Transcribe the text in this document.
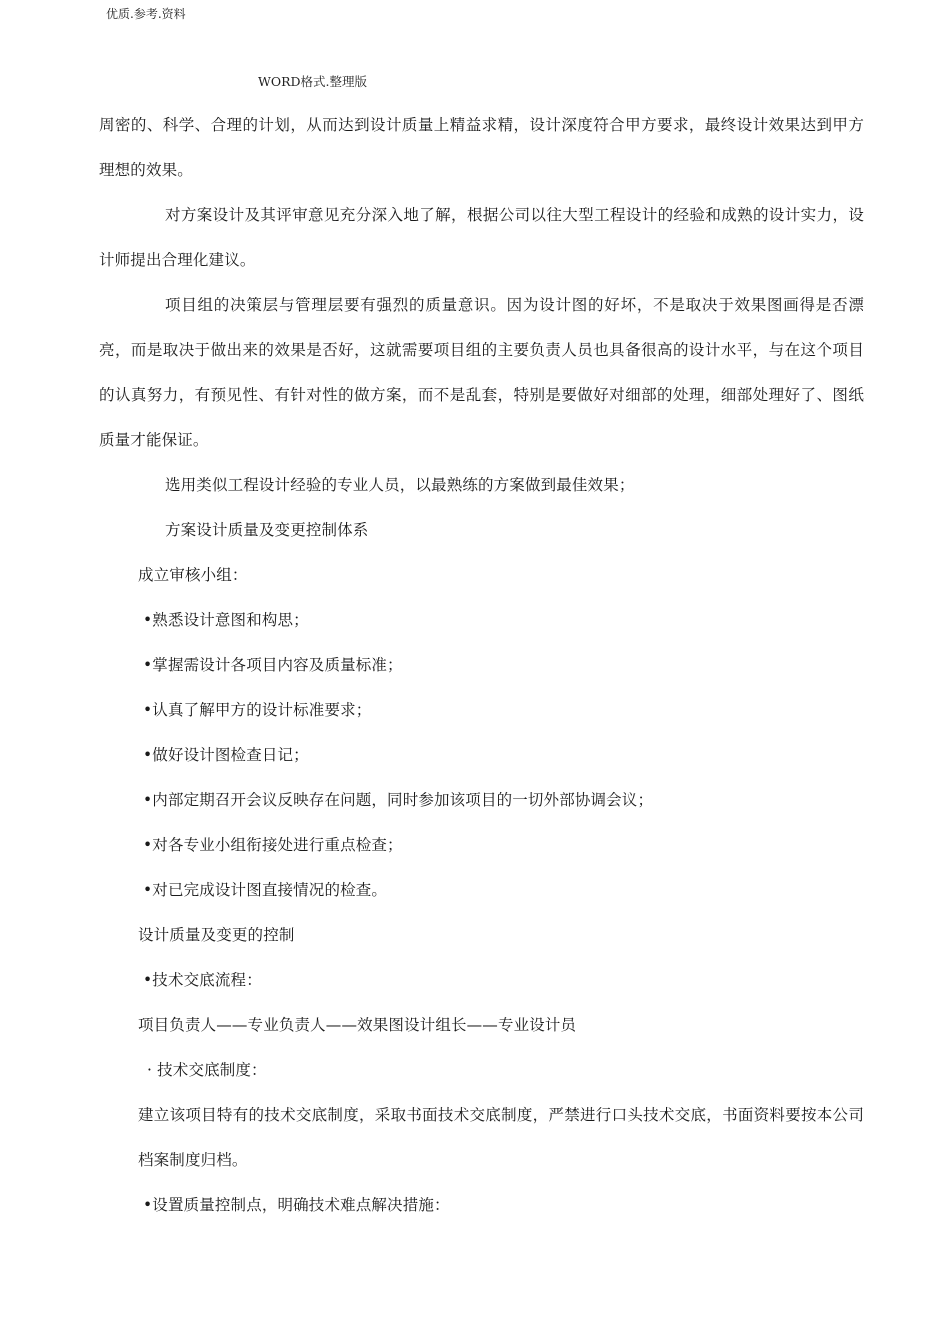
优质.参考.资料
WORD格式.整理版

周密的、科学、合理的计划，从而达到设计质量上精益求精，设计深度符合甲方要求，最终设计效果达到甲方理想的效果。

对方案设计及其评审意见充分深入地了解，根据公司以往大型工程设计的经验和成熟的设计实力，设计师提出合理化建议。

项目组的决策层与管理层要有强烈的质量意识。因为设计图的好坏，不是取决于效果图画得是否漂亮，而是取决于做出来的效果是否好，这就需要项目组的主要负责人员也具备很高的设计水平，与在这个项目的认真努力，有预见性、有针对性的做方案，而不是乱套，特别是要做好对细部的处理，细部处理好了、图纸质量才能保证。

选用类似工程设计经验的专业人员，以最熟练的方案做到最佳效果；

方案设计质量及变更控制体系

成立审核小组：

•熟悉设计意图和构思；

•掌握需设计各项目内容及质量标准；

•认真了解甲方的设计标准要求；

•做好设计图检查日记；

•内部定期召开会议反映存在问题，同时参加该项目的一切外部协调会议；

•对各专业小组衔接处进行重点检查；

•对已完成设计图直接情况的检查。

设计质量及变更的控制

•技术交底流程：

项目负责人——专业负责人——效果图设计组长——专业设计员

· 技术交底制度：

建立该项目特有的技术交底制度，采取书面技术交底制度，严禁进行口头技术交底，书面资料要按本公司档案制度归档。

•设置质量控制点，明确技术难点解决措施：
